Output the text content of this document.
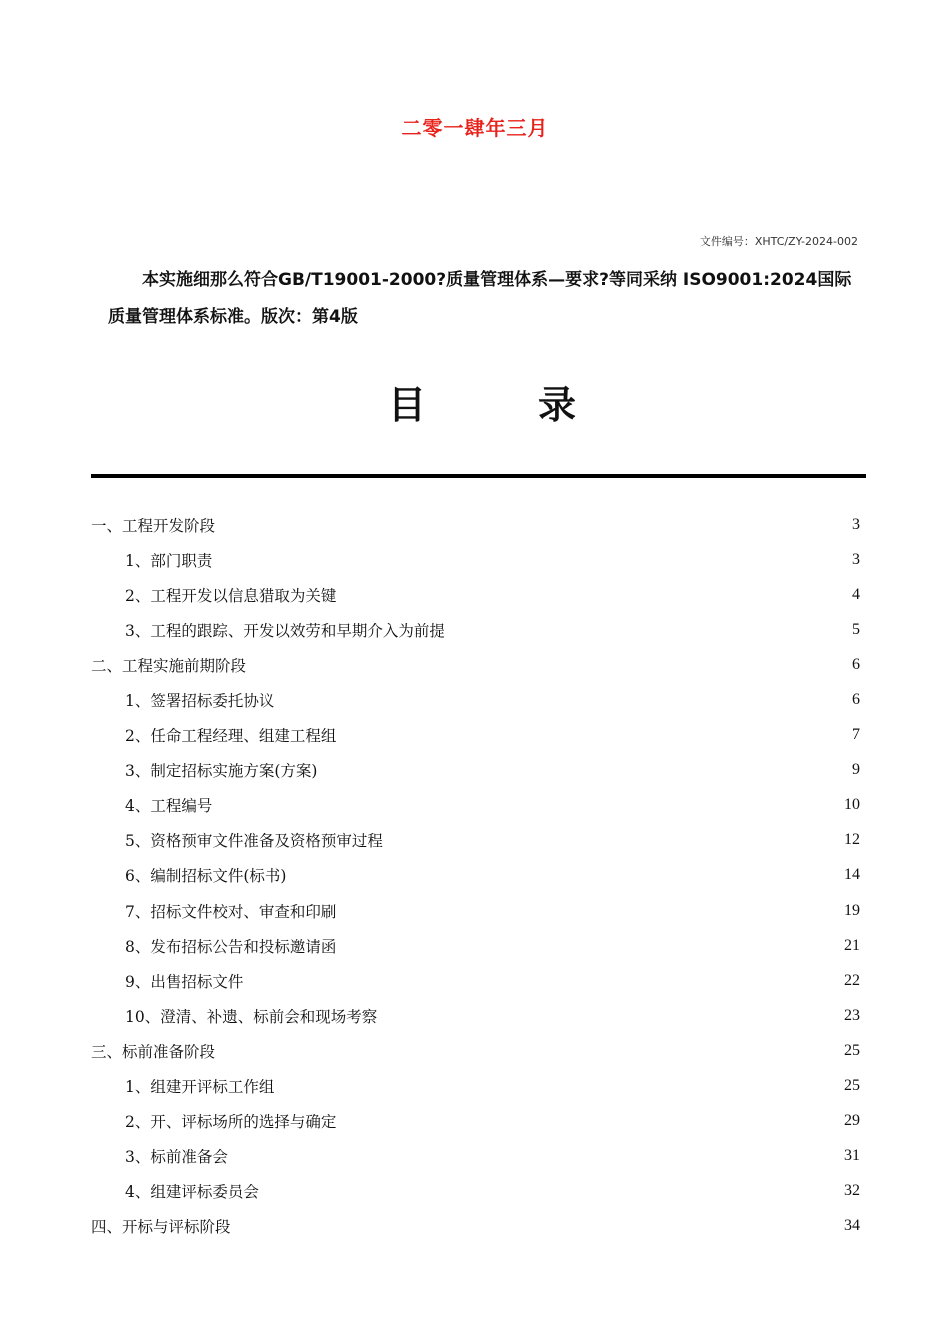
二零一肆年三月
文件编号：XHTC/ZY-2024-002
本实施细那么符合GB/T19001-2000?质量管理体系—要求?等同采纳 ISO9001:2024国际质量管理体系标准。版次：第4版
目	录
一、工程开发阶段	3
1、部门职责	3
2、工程开发以信息猎取为关键	4
3、工程的跟踪、开发以效劳和早期介入为前提	5
二、工程实施前期阶段	6
1、签署招标委托协议	6
2、任命工程经理、组建工程组	7
3、制定招标实施方案(方案)	9
4、工程编号	10
5、资格预审文件准备及资格预审过程	12
6、编制招标文件(标书)	14
7、招标文件校对、审查和印刷	19
8、发布招标公告和投标邀请函	21
9、出售招标文件	22
10、澄清、补遗、标前会和现场考察	23
三、标前准备阶段	25
1、组建开评标工作组	25
2、开、评标场所的选择与确定	29
3、标前准备会	31
4、组建评标委员会	32
四、开标与评标阶段	34
